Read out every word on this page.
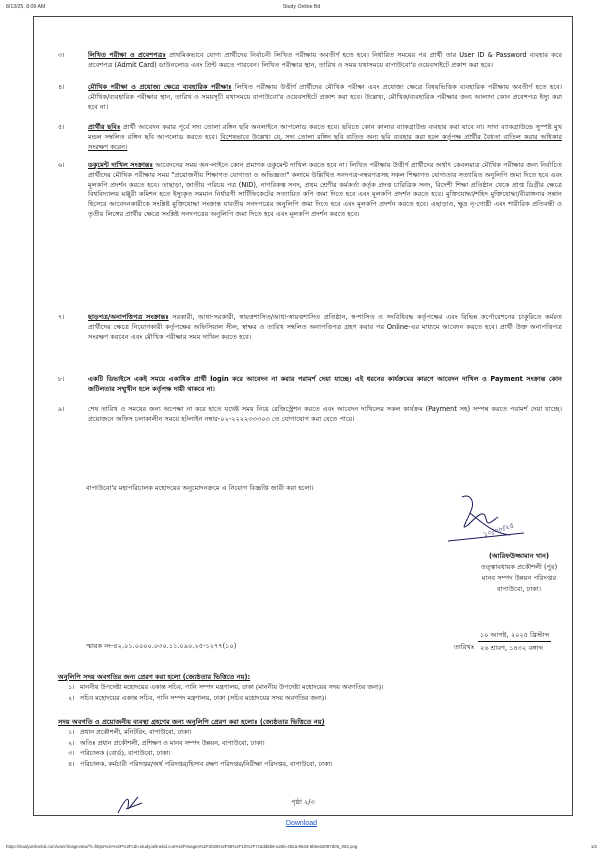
8/13/25, 8:09 AM	Study Online Bd
৩।	লিখিত পরীক্ষা ও প্রবেশপত্রঃ প্রাথমিকভাবে যোগ্য প্রার্থীদের নির্বাচনী লিখিত পরীক্ষায় অবতীর্ণ হতে হবে। নির্ধারিত সময়ের পর প্রার্থী তার User ID & Password ব্যবহার করে প্রবেশপত্র (Admit Card) ডাউনলোড এবং প্রিন্ট করতে পারবেন। লিখিত পরীক্ষার স্থান, তারিখ ও সময় যথাসময়ে বাপাউবো'র ওয়েবসাইটে প্রকাশ করা হবে।
৪।	মৌখিক পরীক্ষা ও প্রযোজ্য ক্ষেত্রে ব্যবহারিক পরীক্ষাঃ লিখিত পরীক্ষায় উত্তীর্ণ প্রার্থীদের মৌখিক পরীক্ষা এবং প্রযোজ্য ক্ষেত্রে বিষয়ভিত্তিক ব্যবহারিক পরীক্ষায় অবতীর্ণ হতে হবে। মৌখিক/ব্যবহারিক পরীক্ষার স্থান, তারিখ ও সময়সূচী যথাসময়ে বাপাউবো'র ওয়েবসাইটে প্রকাশ করা হবে। উল্লেখ্য, মৌখিক/ব্যবহারিক পরীক্ষার জন্য আলাদা কোন প্রবেশপত্র ইস্যু করা হবে না।
৫।	প্রার্থীর ছবিঃ প্রার্থী আবেদন করার পূর্বে সদ্য তোলা রঙ্গিন ছবি অনলাইনে আপলোড করতে হবে। ছবিতে কোন কালার ব্যাকগ্রাউন্ড ব্যবহার করা যাবে না। সাদা ব্যাকগ্রাউন্ডে সুস্পষ্ট মুখ মন্ডল সম্বলিত রঙ্গিন ছবি আপলোড করতে হবে। বিশেষভাবে উল্লেখ্য যে, সদ্য তোলা রঙ্গিন ছবি ব্যতিত অন্য ছবি ব্যবহার করা হলে কর্তৃপক্ষ প্রার্থীর বৈধতা বাতিল করার অধিকার সংরক্ষণ করেন।
৬।	ডকুমেন্ট দাখিল সংক্রান্তঃ আবেদনের সময় অন-লাইনে কোন প্রমাণক ডকুমেন্ট দাখিল করতে হবে না। লিখিত পরীক্ষায় উত্তীর্ণ প্রার্থীদের অর্থাৎ কেবলমাত্র মৌখিক পরীক্ষার জন্য নির্বাচিত প্রার্থীদের মৌখিক পরীক্ষার সময় "প্রয়োজনীয় শিক্ষাগত যোগ্যতা ও অভিজ্ঞতা" কলামে উল্লিখিত সনদপত্র-নম্বরপত্রসহ সকল শিক্ষাগত যোগ্যতার সত্যায়িত অনুলিপি জমা দিতে হবে এবং মূলকপি প্রদর্শন করতে হবে। তাছাড়া, জাতীয় পরিচয় পত্র (NID), নাগরিকত্ব সনদ, প্রথম শ্রেণীর কর্মকর্তা কর্তৃক প্রদত্ত চারিত্রিক সনদ, বিদেশী শিক্ষা প্রতিষ্ঠান থেকে প্রাপ্ত ডিগ্রীর ক্ষেত্রে বিশ্ববিদ্যালয় মঞ্জুরী কমিশন হতে ইস্যুকৃত সমমান নির্ধারণী সার্টিফিকেটের সত্যায়িত কপি জমা দিতে হবে এবং মূলকপি প্রদর্শন করতে হবে। মুক্তিযোদ্ধা/শহিদ মুক্তিযোদ্ধা/বীরাঙ্গনার সন্তান হিসেবে আবেদনকারীকে সংশ্লিষ্ট মুক্তিযোদ্ধা সংক্রান্ত যাবতীয় সনদপত্রের অনুলিপি জমা দিতে হবে এবং মূলকপি প্রদর্শন করতে হবে। এছাড়াও, ক্ষুদ্র নৃ-গোষ্ঠী এবং শারীরিক প্রতিবন্ধী ও তৃতীয় লিঙ্গের প্রার্থীর ক্ষেত্রে সংশ্লিষ্ট সনদপত্রের অনুলিপি জমা দিতে হবে এবং মূলকপি প্রদর্শন করতে হবে।
৭।	ছাড়পত্র/অনাপত্তিপত্র সংক্রান্তঃ সরকারী, আধা-সরকারী, স্বায়ত্তশাসিত/আধা-স্বায়ত্তশাসিত প্রতিষ্ঠান, স্ব-শাসিত ও সংবিধিবদ্ধ কর্তৃপক্ষের এবং বিভিন্ন কর্পোরেশনের চাকুরিতে কর্মরত প্রার্থীদের ক্ষেত্রে নিয়োগকারী কর্তৃপক্ষের অফিসিয়াল সীল, স্বাক্ষর ও তারিখ সম্বলিত অনাপত্তিপত্র গ্রহণ করার পর Online-এর মাধ্যমে আবেদন করতে হবে। প্রার্থী উক্ত অনাপত্তিপত্র সংরক্ষণ করবেন এবং মৌখিক পরীক্ষার সময় দাখিল করতে হবে।
৮।	একটি ডিভাইসে একই সময়ে একাধিক প্রার্থী login করে আবেদন না করার পরামর্শ দেয়া যাচ্ছে। এই ধরনের কার্যক্রমের কারণে আবেদন দাখিল ও Payment সংক্রান্ত কোন জটিলতার সম্মুখীন হলে কর্তৃপক্ষ দায়ী থাকবে না।
৯।	শেষ তারিখ ও সময়ের জন্য অপেক্ষা না করে হাতে যথেষ্ট সময় নিয়ে রেজিস্ট্রেশন করতে এবং আবেদন দাখিলের সকল কার্যক্রম (Payment সহ) সম্পন্ন করতে পরামর্শ দেয়া যাচ্ছে। প্রয়োজনে অফিস চলাকালীন সময়ে হটলাইন নম্বার-০২-২২২২৩৩৩০৩ তে যোগাযোগ করা যেতে পারে।
বাপাউবো'র মহাপরিচালক মহোদয়ের অনুমোদনক্রমে এ নিয়োগ বিজ্ঞপ্তি জারী করা হলো।
১০/০৮/২৫
(আরিফউজ্জামান খান)
তত্ত্বাবধায়ক প্রকৌশলী (পুর)
মানব সম্পদ উন্নয়ন পরিদপ্তর
বাপাউবো, ঢাকা।
স্মারক নং-৪২.০১.০০০০.০৩০.১১.০৯০.২৫-১২৭৭(১০)	তারিখঃ
১০ আগষ্ট, ২০২৫ খ্রিস্টাব্দ
২৬ শ্রাবণ, ১৪৩২ বঙ্গাব্দ
অনুলিপি সদয় অবগতির জন্য প্রেরণ করা হলো (জ্যেষ্ঠতার ভিত্তিতে নয়):
১। মাননীয় উপদেষ্টা মহোদয়ের একান্ত সচিব, পানি সম্পদ মন্ত্রণালয়, ঢাকা (মাননীয় উপদেষ্টা মহোদয়ের সদয় অবগতির জন্য)।
২। সচিব মহোদয়ের একান্ত সচিব, পানি সম্পদ মন্ত্রণালয়, ঢাকা (সচিব মহোদয়ের সদয় অবগতির জন্য)।
সদয় অবগতি ও প্রয়োজনীয় ব্যবস্থা গ্রহণের জন্য অনুলিপি প্রেরণ করা হলোঃ (জ্যেষ্ঠতার ভিত্তিতে নয়)
১। প্রধান প্রকৌশলী, মনিটরিং, বাপাউবো, ঢাকা।
২। অতিঃ প্রধান প্রকৌশলী, প্রশিক্ষণ ও মানব সম্পদ উন্নয়ন, বাপাউবো, ঢাকা।
৩। পরিচালক (বোর্ড), বাপাউবো, ঢাকা।
৪। পরিচালক, কর্মচারী পরিদপ্তর/অর্থ পরিদপ্তর/হিসাব রক্ষণ পরিদপ্তর/নিরীক্ষা পরিদপ্তর, বাপাউবো, ঢাকা।
পৃষ্ঠা ২/৩
Download
https://studyonlinebd.com/user/imageview/?i=https%3A%2F%2Fcdn.studyonlinebd.com%2Fimages%2F2025%2F08%2F10%2F7c6dd5b8-a26b-452a-8643-6b5e62087d05_002.png	1/2
